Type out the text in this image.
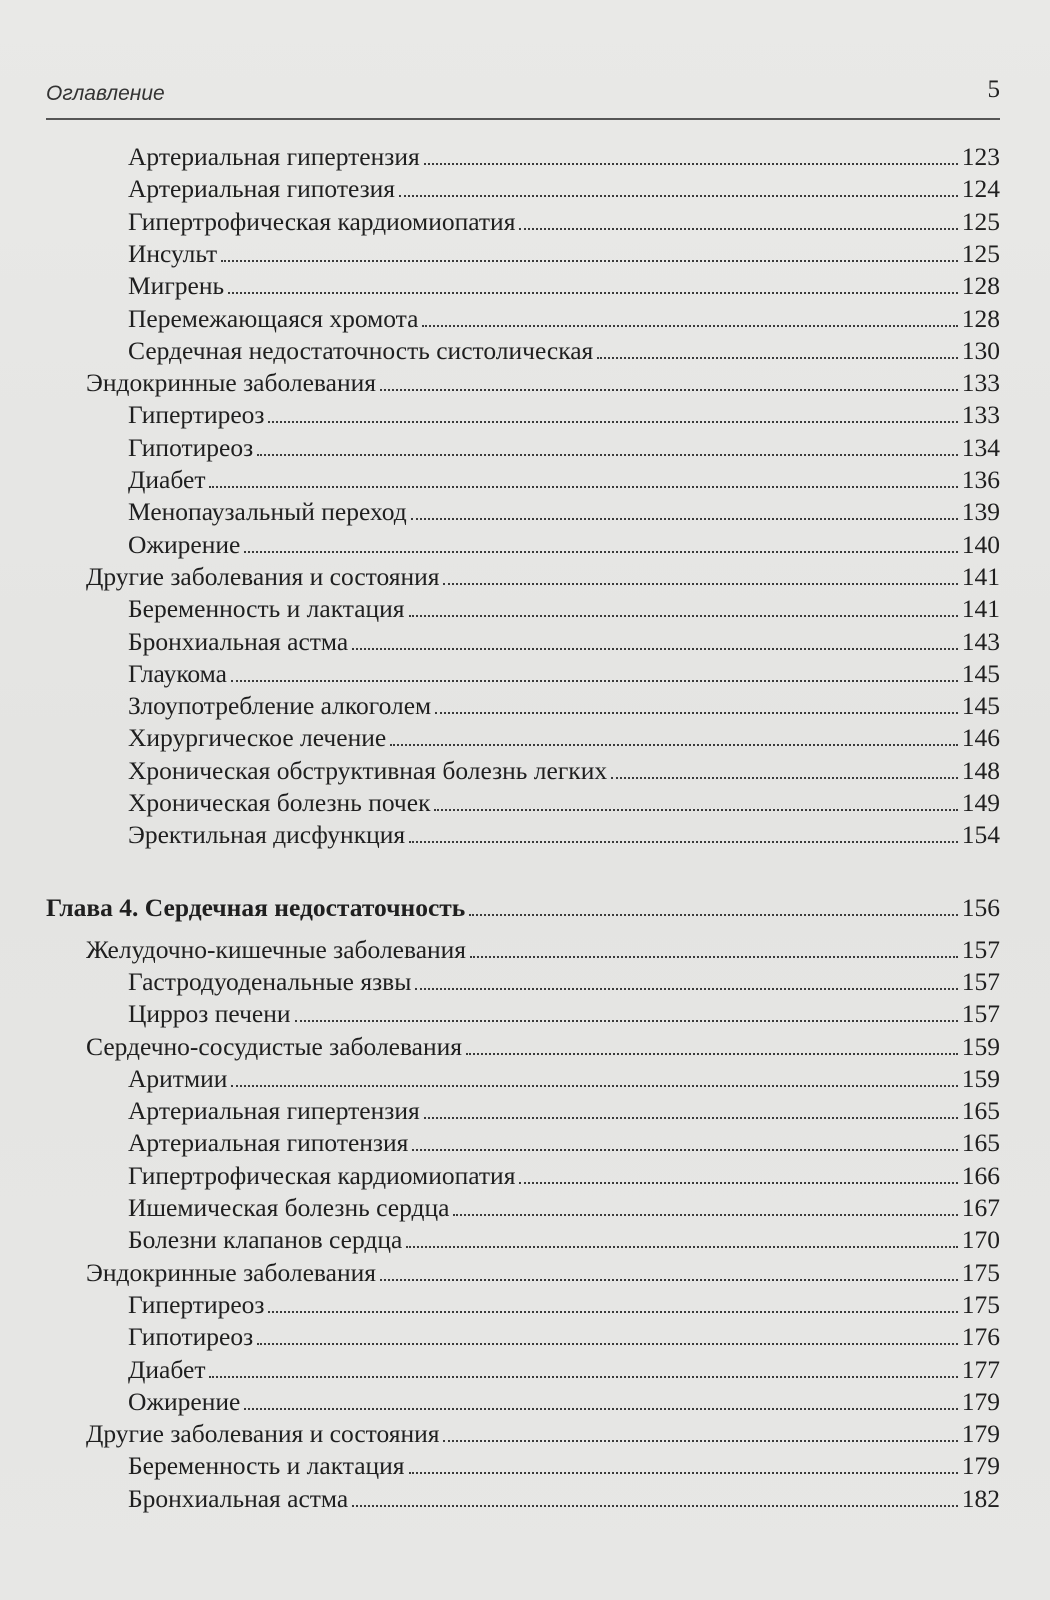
Оглавление	5
Артериальная гипертензия	123
Артериальная гипотезия	124
Гипертрофическая кардиомиопатия	125
Инсульт	125
Мигрень	128
Перемежающаяся хромота	128
Сердечная недостаточность систолическая	130
Эндокринные заболевания	133
Гипертиреоз	133
Гипотиреоз	134
Диабет	136
Менопаузальный переход	139
Ожирение	140
Другие заболевания и состояния	141
Беременность и лактация	141
Бронхиальная астма	143
Глаукома	145
Злоупотребление алкоголем	145
Хирургическое лечение	146
Хроническая обструктивная болезнь легких	148
Хроническая болезнь почек	149
Эректильная дисфункция	154
Глава 4. Сердечная недостаточность	156
Желудочно-кишечные заболевания	157
Гастродуоденальные язвы	157
Цирроз печени	157
Сердечно-сосудистые заболевания	159
Аритмии	159
Артериальная гипертензия	165
Артериальная гипотензия	165
Гипертрофическая кардиомиопатия	166
Ишемическая болезнь сердца	167
Болезни клапанов сердца	170
Эндокринные заболевания	175
Гипертиреоз	175
Гипотиреоз	176
Диабет	177
Ожирение	179
Другие заболевания и состояния	179
Беременность и лактация	179
Бронхиальная астма	182
